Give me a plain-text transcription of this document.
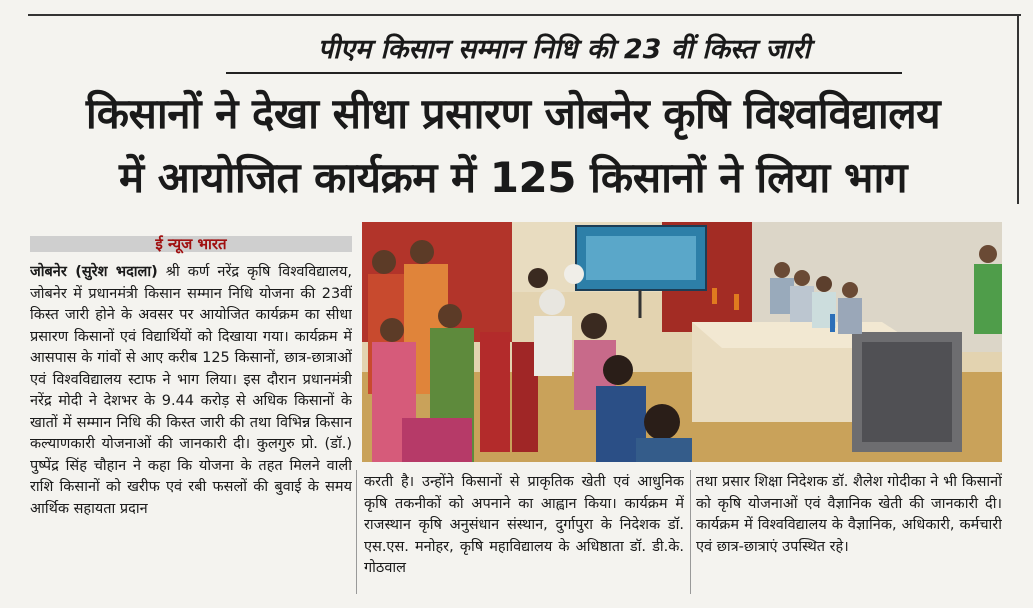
पीएम किसान सम्मान निधि की 23 वीं किस्त जारी
किसानों ने देखा सीधा प्रसारण जोबनेर कृषि विश्वविद्यालय
में आयोजित कार्यक्रम में 125 किसानों ने लिया भाग
ई न्यूज भारत

जोबनेर (सुरेश भदाला) श्री कर्ण नरेंद्र कृषि विश्वविद्यालय, जोबनेर में प्रधानमंत्री किसान सम्मान निधि योजना की 23वीं किस्त जारी होने के अवसर पर आयोजित कार्यक्रम का सीधा प्रसारण किसानों एवं विद्यार्थियों को दिखाया गया। कार्यक्रम में आसपास के गांवों से आए करीब 125 किसानों, छात्र-छात्राओं एवं विश्वविद्यालय स्टाफ ने भाग लिया। इस दौरान प्रधानमंत्री नरेंद्र मोदी ने देशभर के 9.44 करोड़ से अधिक किसानों के खातों में सम्मान निधि की किस्त जारी की तथा विभिन्न किसान कल्याणकारी योजनाओं की जानकारी दी। कुलगुरु प्रो. (डॉ.) पुष्पेंद्र सिंह चौहान ने कहा कि योजना के तहत मिलने वाली राशि किसानों को खरीफ एवं रबी फसलों की बुवाई के समय आर्थिक सहायता प्रदान

करती है। उन्होंने किसानों से प्राकृतिक खेती एवं आधुनिक कृषि तकनीकों को अपनाने का आह्वान किया। कार्यक्रम में राजस्थान कृषि अनुसंधान संस्थान, दुर्गापुरा के निदेशक डॉ. एस.एस. मनोहर, कृषि महाविद्यालय के अधिष्ठाता डॉ. डी.के. गोठवाल

तथा प्रसार शिक्षा निदेशक डॉ. शैलेश गोदीका ने भी किसानों को कृषि योजनाओं एवं वैज्ञानिक खेती की जानकारी दी। कार्यक्रम में विश्वविद्यालय के वैज्ञानिक, अधिकारी, कर्मचारी एवं छात्र-छात्राएं उपस्थित रहे।
